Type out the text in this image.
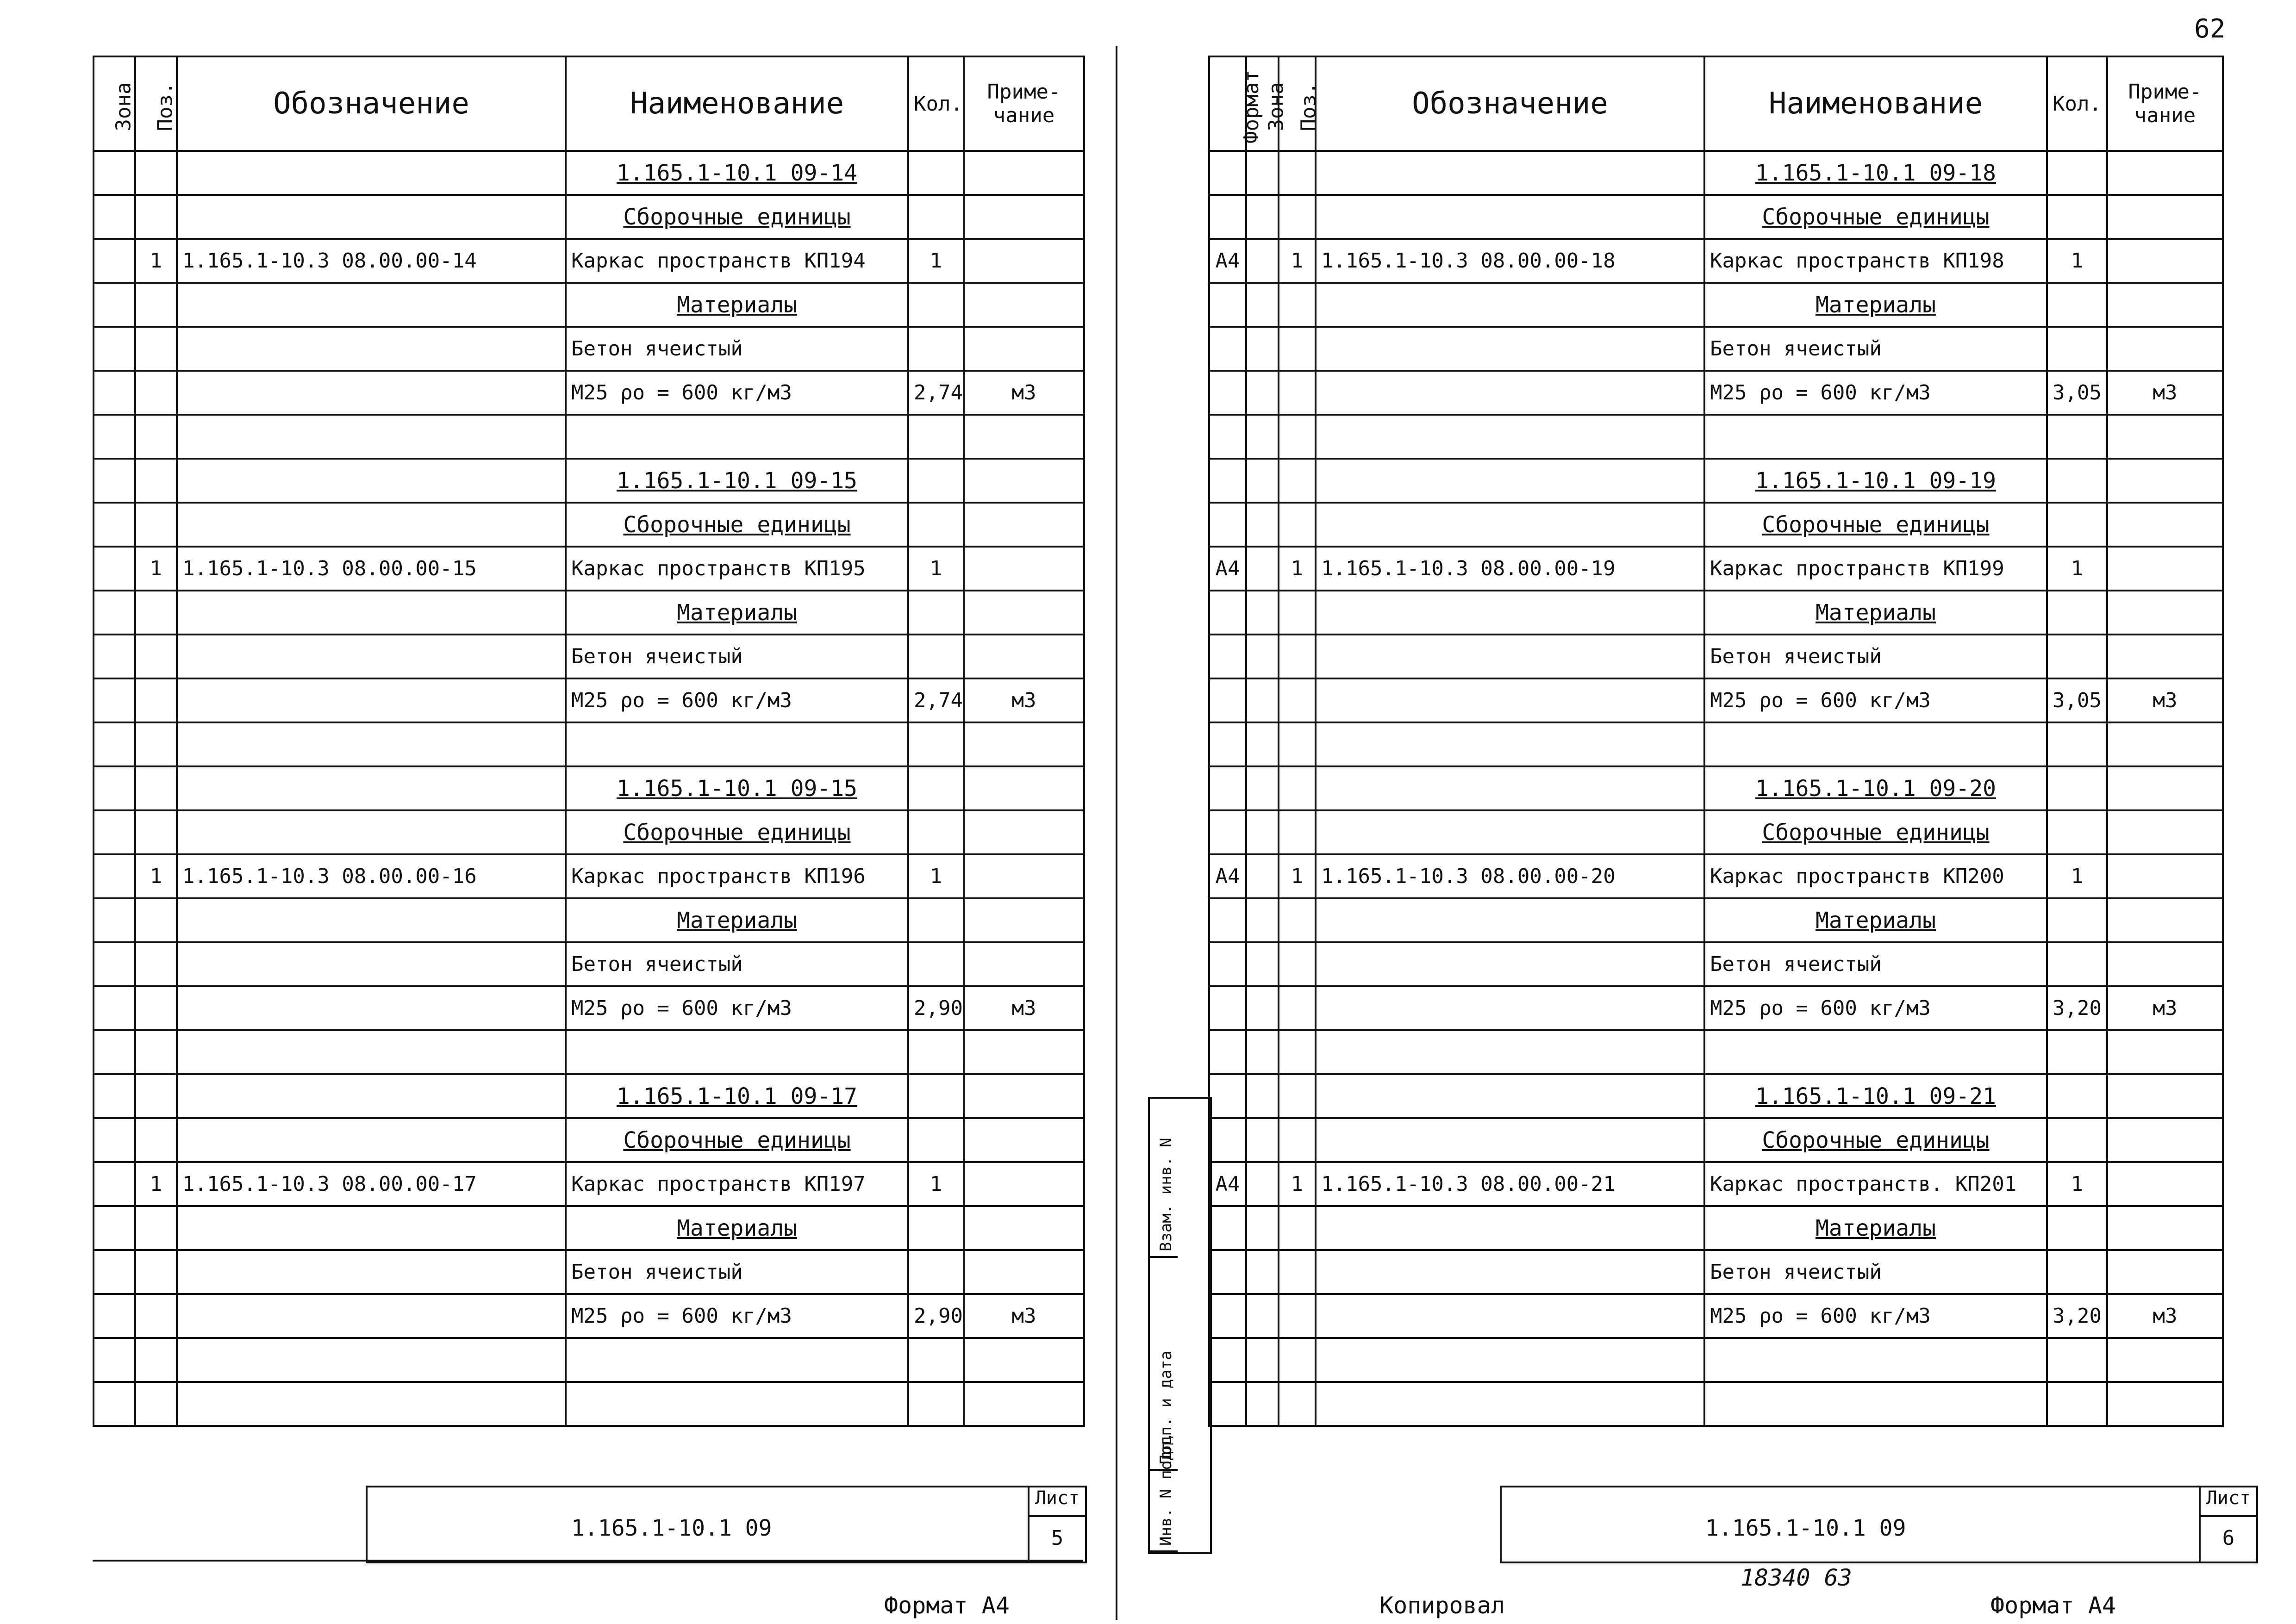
62
Зона	Поз.	Обозначение	Наименование	Кол.	Приме-чание
			1.165.1-10.1 09-14		
			Сборочные единицы		
	1	1.165.1-10.3 08.00.00-14	Каркас пространств КП194	1	
			Материалы		
			Бетон ячеистый		
			М25 ρо = 600 кг/м3	2,74	м3

			1.165.1-10.1 09-15		
			Сборочные единицы		
	1	1.165.1-10.3 08.00.00-15	Каркас пространств КП195	1	
			Материалы		
			Бетон ячеистый		
			М25 ρо = 600 кг/м3	2,74	м3

			1.165.1-10.1 09-15		
			Сборочные единицы		
	1	1.165.1-10.3 08.00.00-16	Каркас пространств КП196	1	
			Материалы		
			Бетон ячеистый		
			М25 ρо = 600 кг/м3	2,90	м3

			1.165.1-10.1 09-17		
			Сборочные единицы		
	1	1.165.1-10.3 08.00.00-17	Каркас пространств КП197	1	
			Материалы		
			Бетон ячеистый		
			М25 ρо = 600 кг/м3	2,90	м3

1.165.1-10.1 09
Лист
5
Формат А4
Инв. N подл.
Подп. и дата
Взам. инв. N
Формат	Зона	Поз.	Обозначение	Наименование	Кол.	Приме-чание
				1.165.1-10.1 09-18		
				Сборочные единицы		
А4		1	1.165.1-10.3 08.00.00-18	Каркас пространств КП198	1	
				Материалы		
				Бетон ячеистый		
				М25 ρо = 600 кг/м3	3,05	м3

				1.165.1-10.1 09-19		
				Сборочные единицы		
А4		1	1.165.1-10.3 08.00.00-19	Каркас пространств КП199	1	
				Материалы		
				Бетон ячеистый		
				М25 ρо = 600 кг/м3	3,05	м3

				1.165.1-10.1 09-20		
				Сборочные единицы		
А4		1	1.165.1-10.3 08.00.00-20	Каркас пространств КП200	1	
				Материалы		
				Бетон ячеистый		
				М25 ρо = 600 кг/м3	3,20	м3

				1.165.1-10.1 09-21		
				Сборочные единицы		
А4		1	1.165.1-10.3 08.00.00-21	Каркас пространств. КП201	1	
				Материалы		
				Бетон ячеистый		
				М25 ρо = 600 кг/м3	3,20	м3

1.165.1-10.1 09
Лист
6
18340 63
Копировал	Формат А4
